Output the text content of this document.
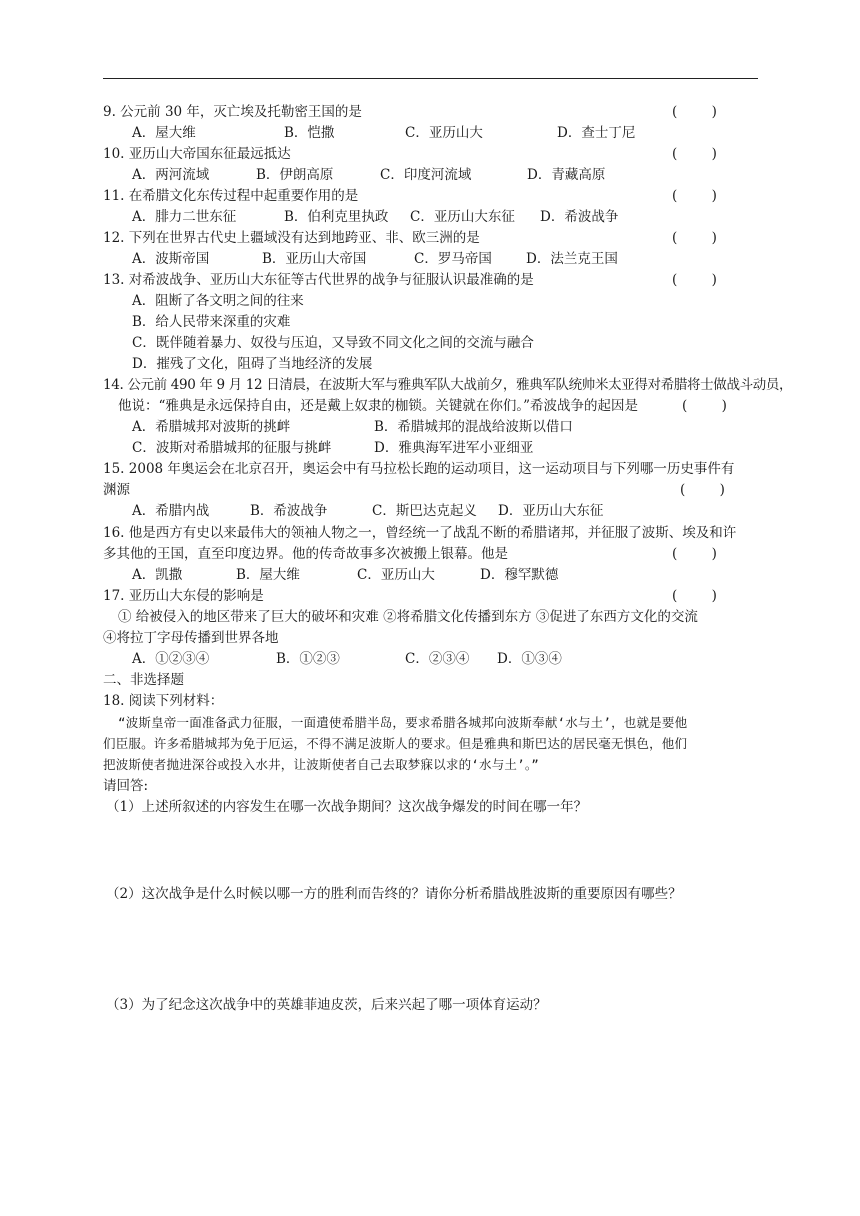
9. 公元前 30 年，灭亡埃及托勒密王国的是	(        )
A．屋大维	B．恺撒	C．亚历山大	D．查士丁尼
10. 亚历山大帝国东征最远抵达	(        )
A．两河流域	B．伊朗高原	C．印度河流域	D．青藏高原
11. 在希腊文化东传过程中起重要作用的是	(        )
A．腓力二世东征	B．伯利克里执政 C．亚历山大东征 D．希波战争
12. 下列在世界古代史上疆域没有达到地跨亚、非、欧三洲的是	(        )
A．波斯帝国	B．亚历山大帝国	C．罗马帝国	D．法兰克王国
13. 对希波战争、亚历山大东征等古代世界的战争与征服认识最准确的是	(        )
A．阻断了各文明之间的往来
B．给人民带来深重的灾难
C．既伴随着暴力、奴役与压迫，又导致不同文化之间的交流与融合
D．摧残了文化，阻碍了当地经济的发展
14. 公元前 490 年 9 月 12 日清晨，在波斯大军与雅典军队大战前夕，雅典军队统帅米太亚得对希腊将士做战斗动员，
他说：“雅典是永远保持自由，还是戴上奴隶的枷锁。关键就在你们。”希波战争的起因是	(        )
A．希腊城邦对波斯的挑衅	B．希腊城邦的混战给波斯以借口
C．波斯对希腊城邦的征服与挑衅	D．雅典海军进军小亚细亚
15. 2008 年奥运会在北京召开，奥运会中有马拉松长跑的运动项目，这一运动项目与下列哪一历史事件有
渊源	(        )
A．希腊内战	B．希波战争	C．斯巴达克起义 D．亚历山大东征
16. 他是西方有史以来最伟大的领袖人物之一，曾经统一了战乱不断的希腊诸邦，并征服了波斯、埃及和许
多其他的王国，直至印度边界。他的传奇故事多次被搬上银幕。他是	(        )
A．凯撒	B．屋大维	C．亚历山大	D．穆罕默德
17. 亚历山大东侵的影响是	(        )
① 给被侵入的地区带来了巨大的破坏和灾难 ②将希腊文化传播到东方 ③促进了东西方文化的交流
④将拉丁字母传播到世界各地
A．①②③④	B．①②③	C．②③④ D．①③④
二、非选择题
18. 阅读下列材料：
“波斯皇帝一面准备武力征服，一面遣使希腊半岛，要求希腊各城邦向波斯奉献‘水与土’，也就是要他
们臣服。许多希腊城邦为免于厄运，不得不满足波斯人的要求。但是雅典和斯巴达的居民毫无惧色，他们
把波斯使者抛进深谷或投入水井，让波斯使者自己去取梦寐以求的‘水与土’。”
请回答:
（1）上述所叙述的内容发生在哪一次战争期间？这次战争爆发的时间在哪一年？
（2）这次战争是什么时候以哪一方的胜利而告终的？请你分析希腊战胜波斯的重要原因有哪些？
（3）为了纪念这次战争中的英雄菲迪皮茨，后来兴起了哪一项体育运动？
